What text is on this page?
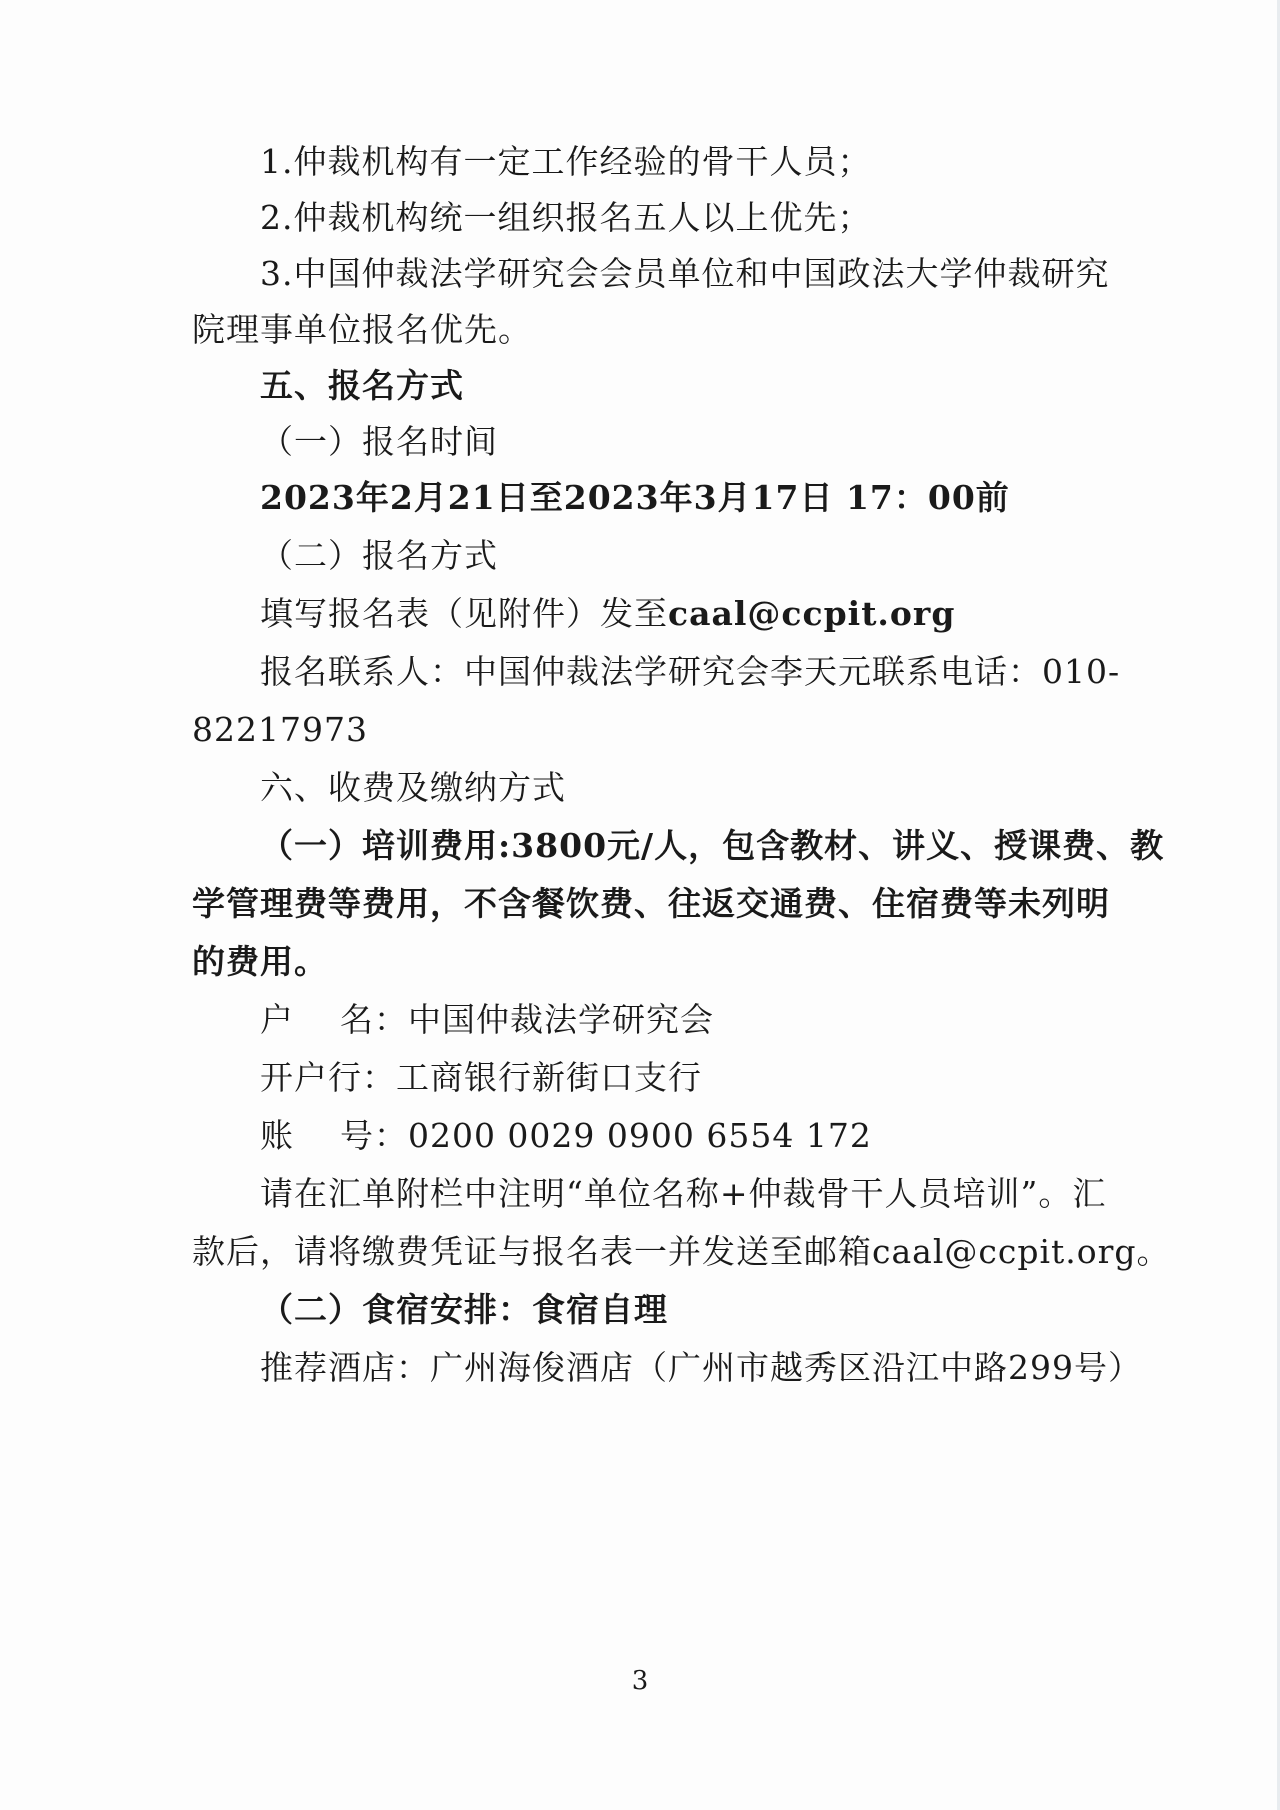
1.仲裁机构有一定工作经验的骨干人员；
2.仲裁机构统一组织报名五人以上优先；
3.中国仲裁法学研究会会员单位和中国政法大学仲裁研究
院理事单位报名优先。
五、报名方式
（一）报名时间
2023年2月21日至2023年3月17日 17：00前
（二）报名方式
填写报名表（见附件）发至caal@ccpit.org
报名联系人：中国仲裁法学研究会李天元 联系电话：010-
82217973
六、收费及缴纳方式
（一）培训费用:3800元/人，包含教材、讲义、授课费、教
学管理费等费用，不含餐饮费、往返交通费、住宿费等未列明
的费用。
户    名：中国仲裁法学研究会
开户行：工商银行新街口支行
账    号：0200 0029 0900 6554 172
请在汇单附栏中注明“单位名称+仲裁骨干人员培训”。汇
款后，请将缴费凭证与报名表一并发送至邮箱caal@ccpit.org。
（二）食宿安排：食宿自理
推荐酒店：广州海俊酒店（广州市越秀区沿江中路299号）
3
